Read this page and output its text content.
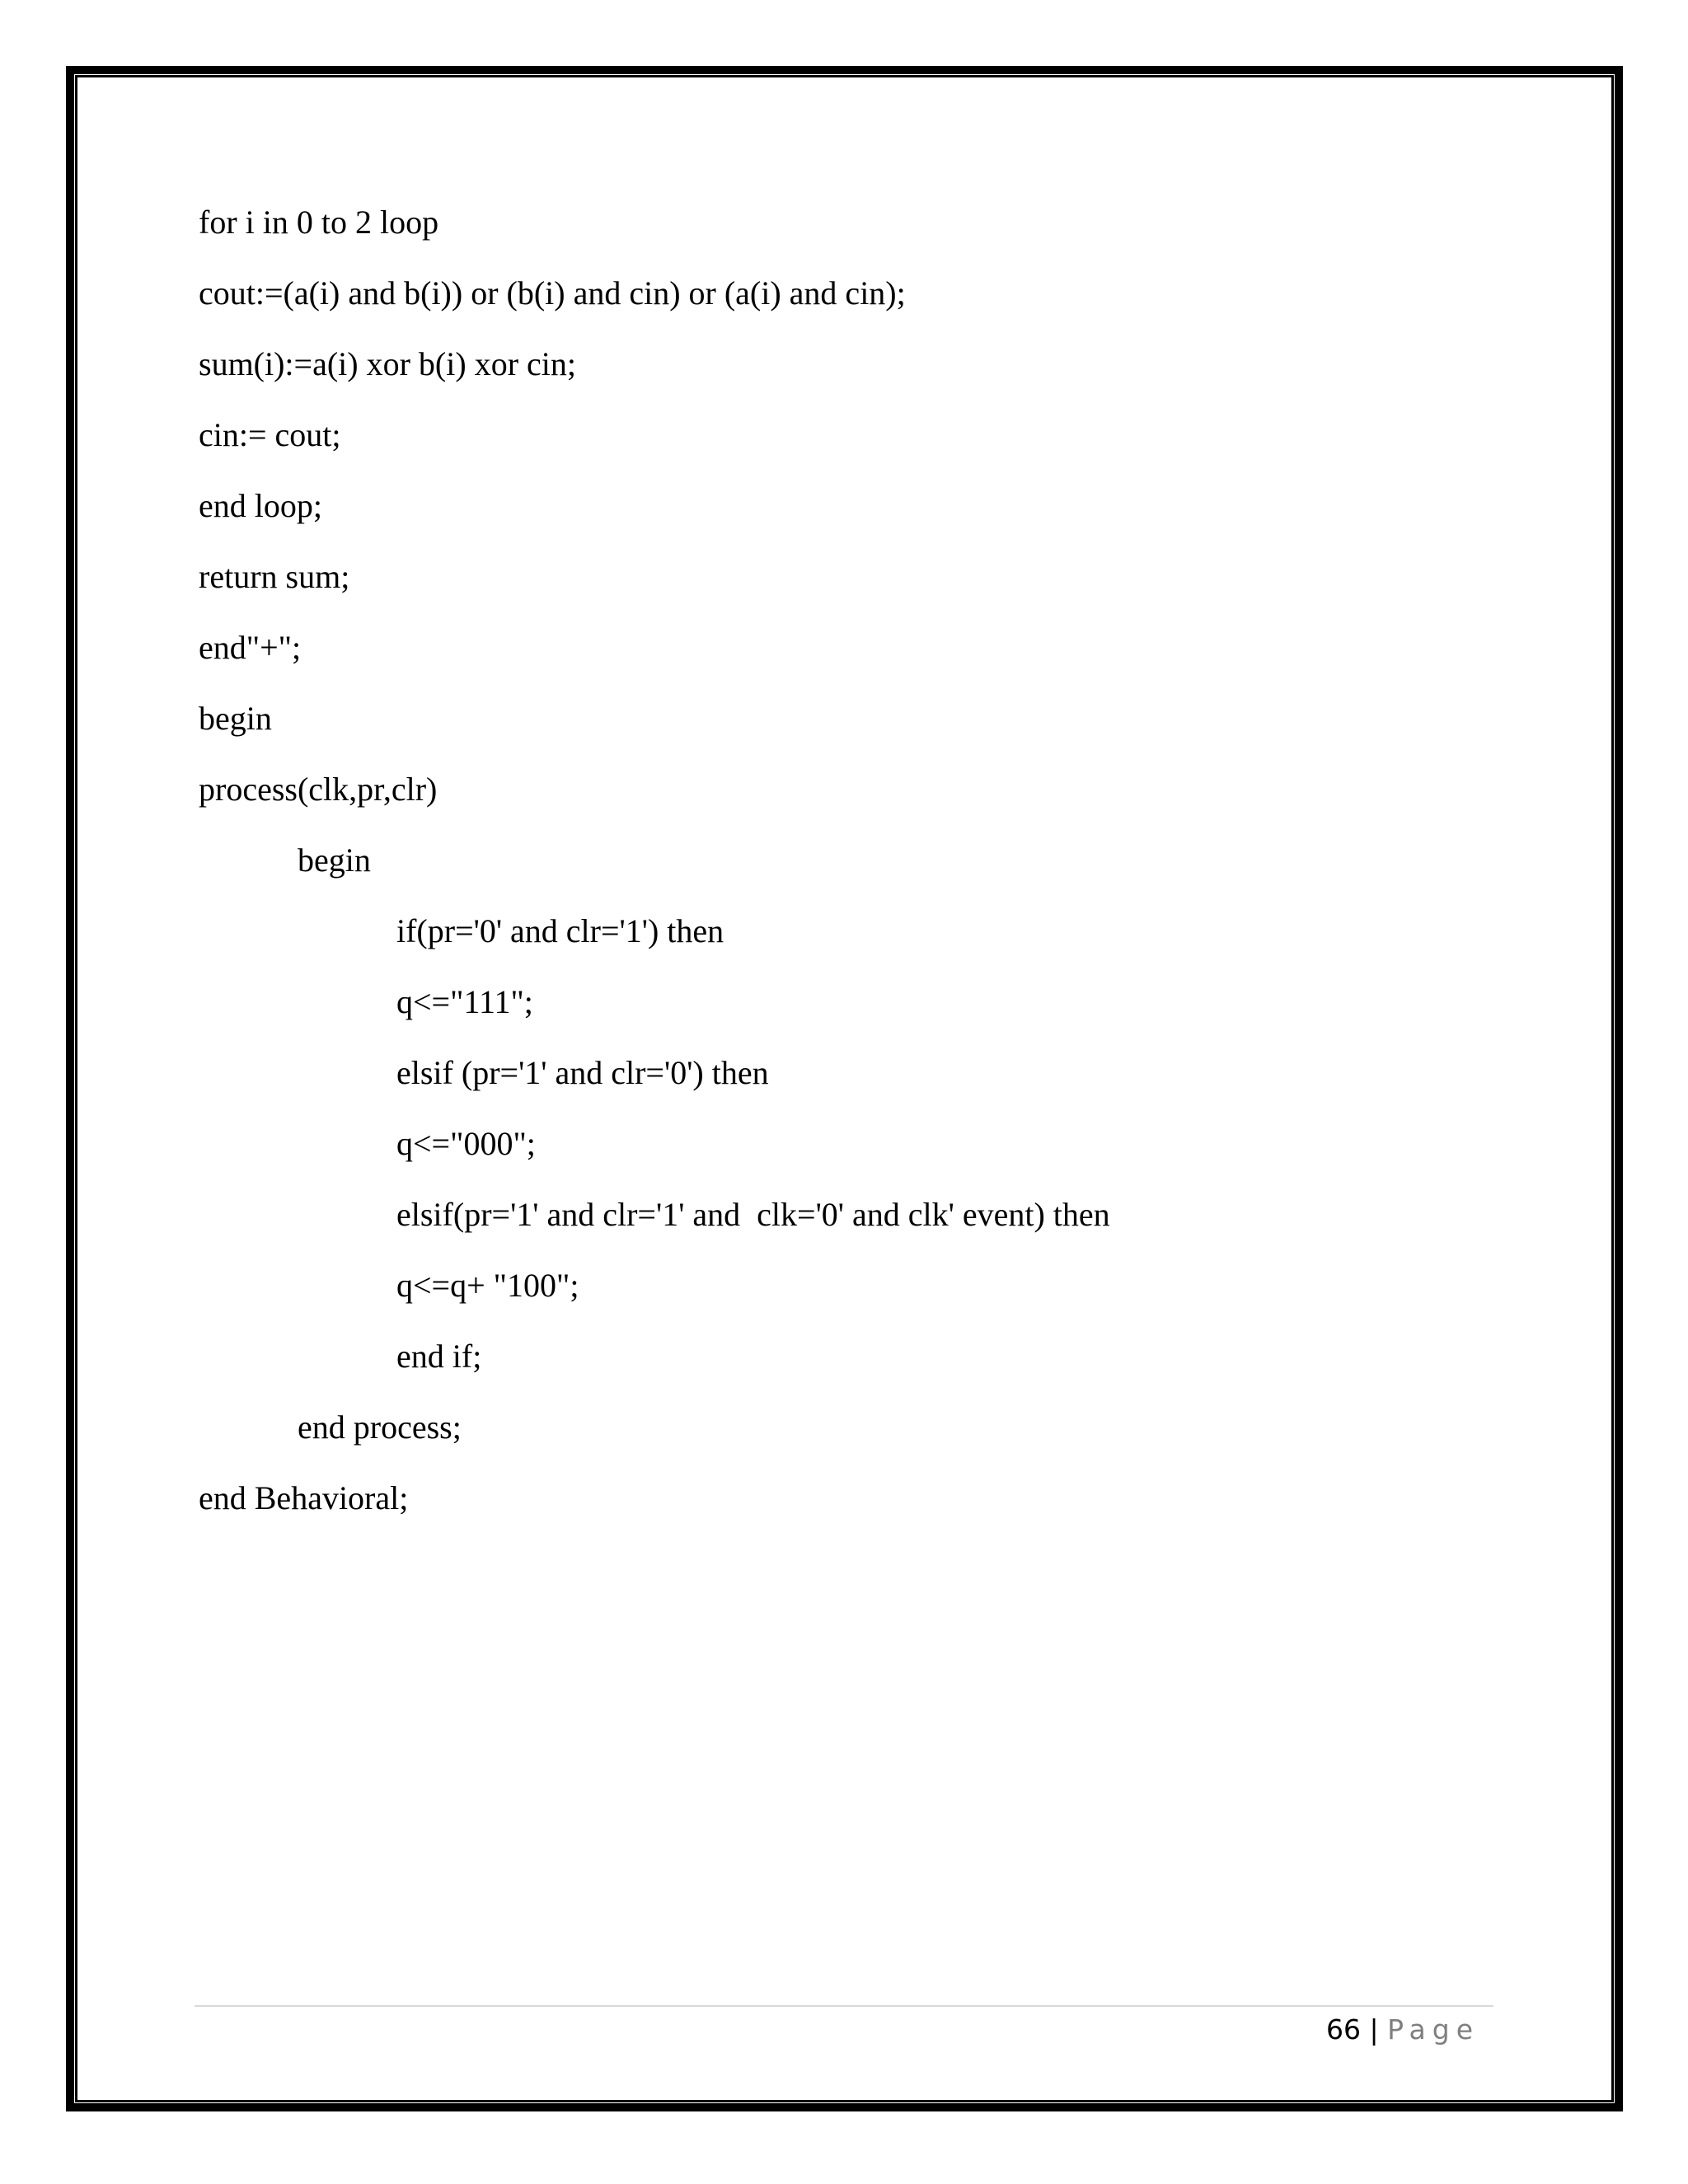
for i in 0 to 2 loop
cout:=(a(i) and b(i)) or (b(i) and cin) or (a(i) and cin);
sum(i):=a(i) xor b(i) xor cin;
cin:= cout;
end loop;
return sum;
end"+";
begin
process(clk,pr,clr)
begin
if(pr='0' and clr='1') then
q<="111";
elsif (pr='1' and clr='0') then
q<="000";
elsif(pr='1' and clr='1' and  clk='0' and clk' event) then
q<=q+ "100";
end if;
end process;
end Behavioral;
66 | Page
